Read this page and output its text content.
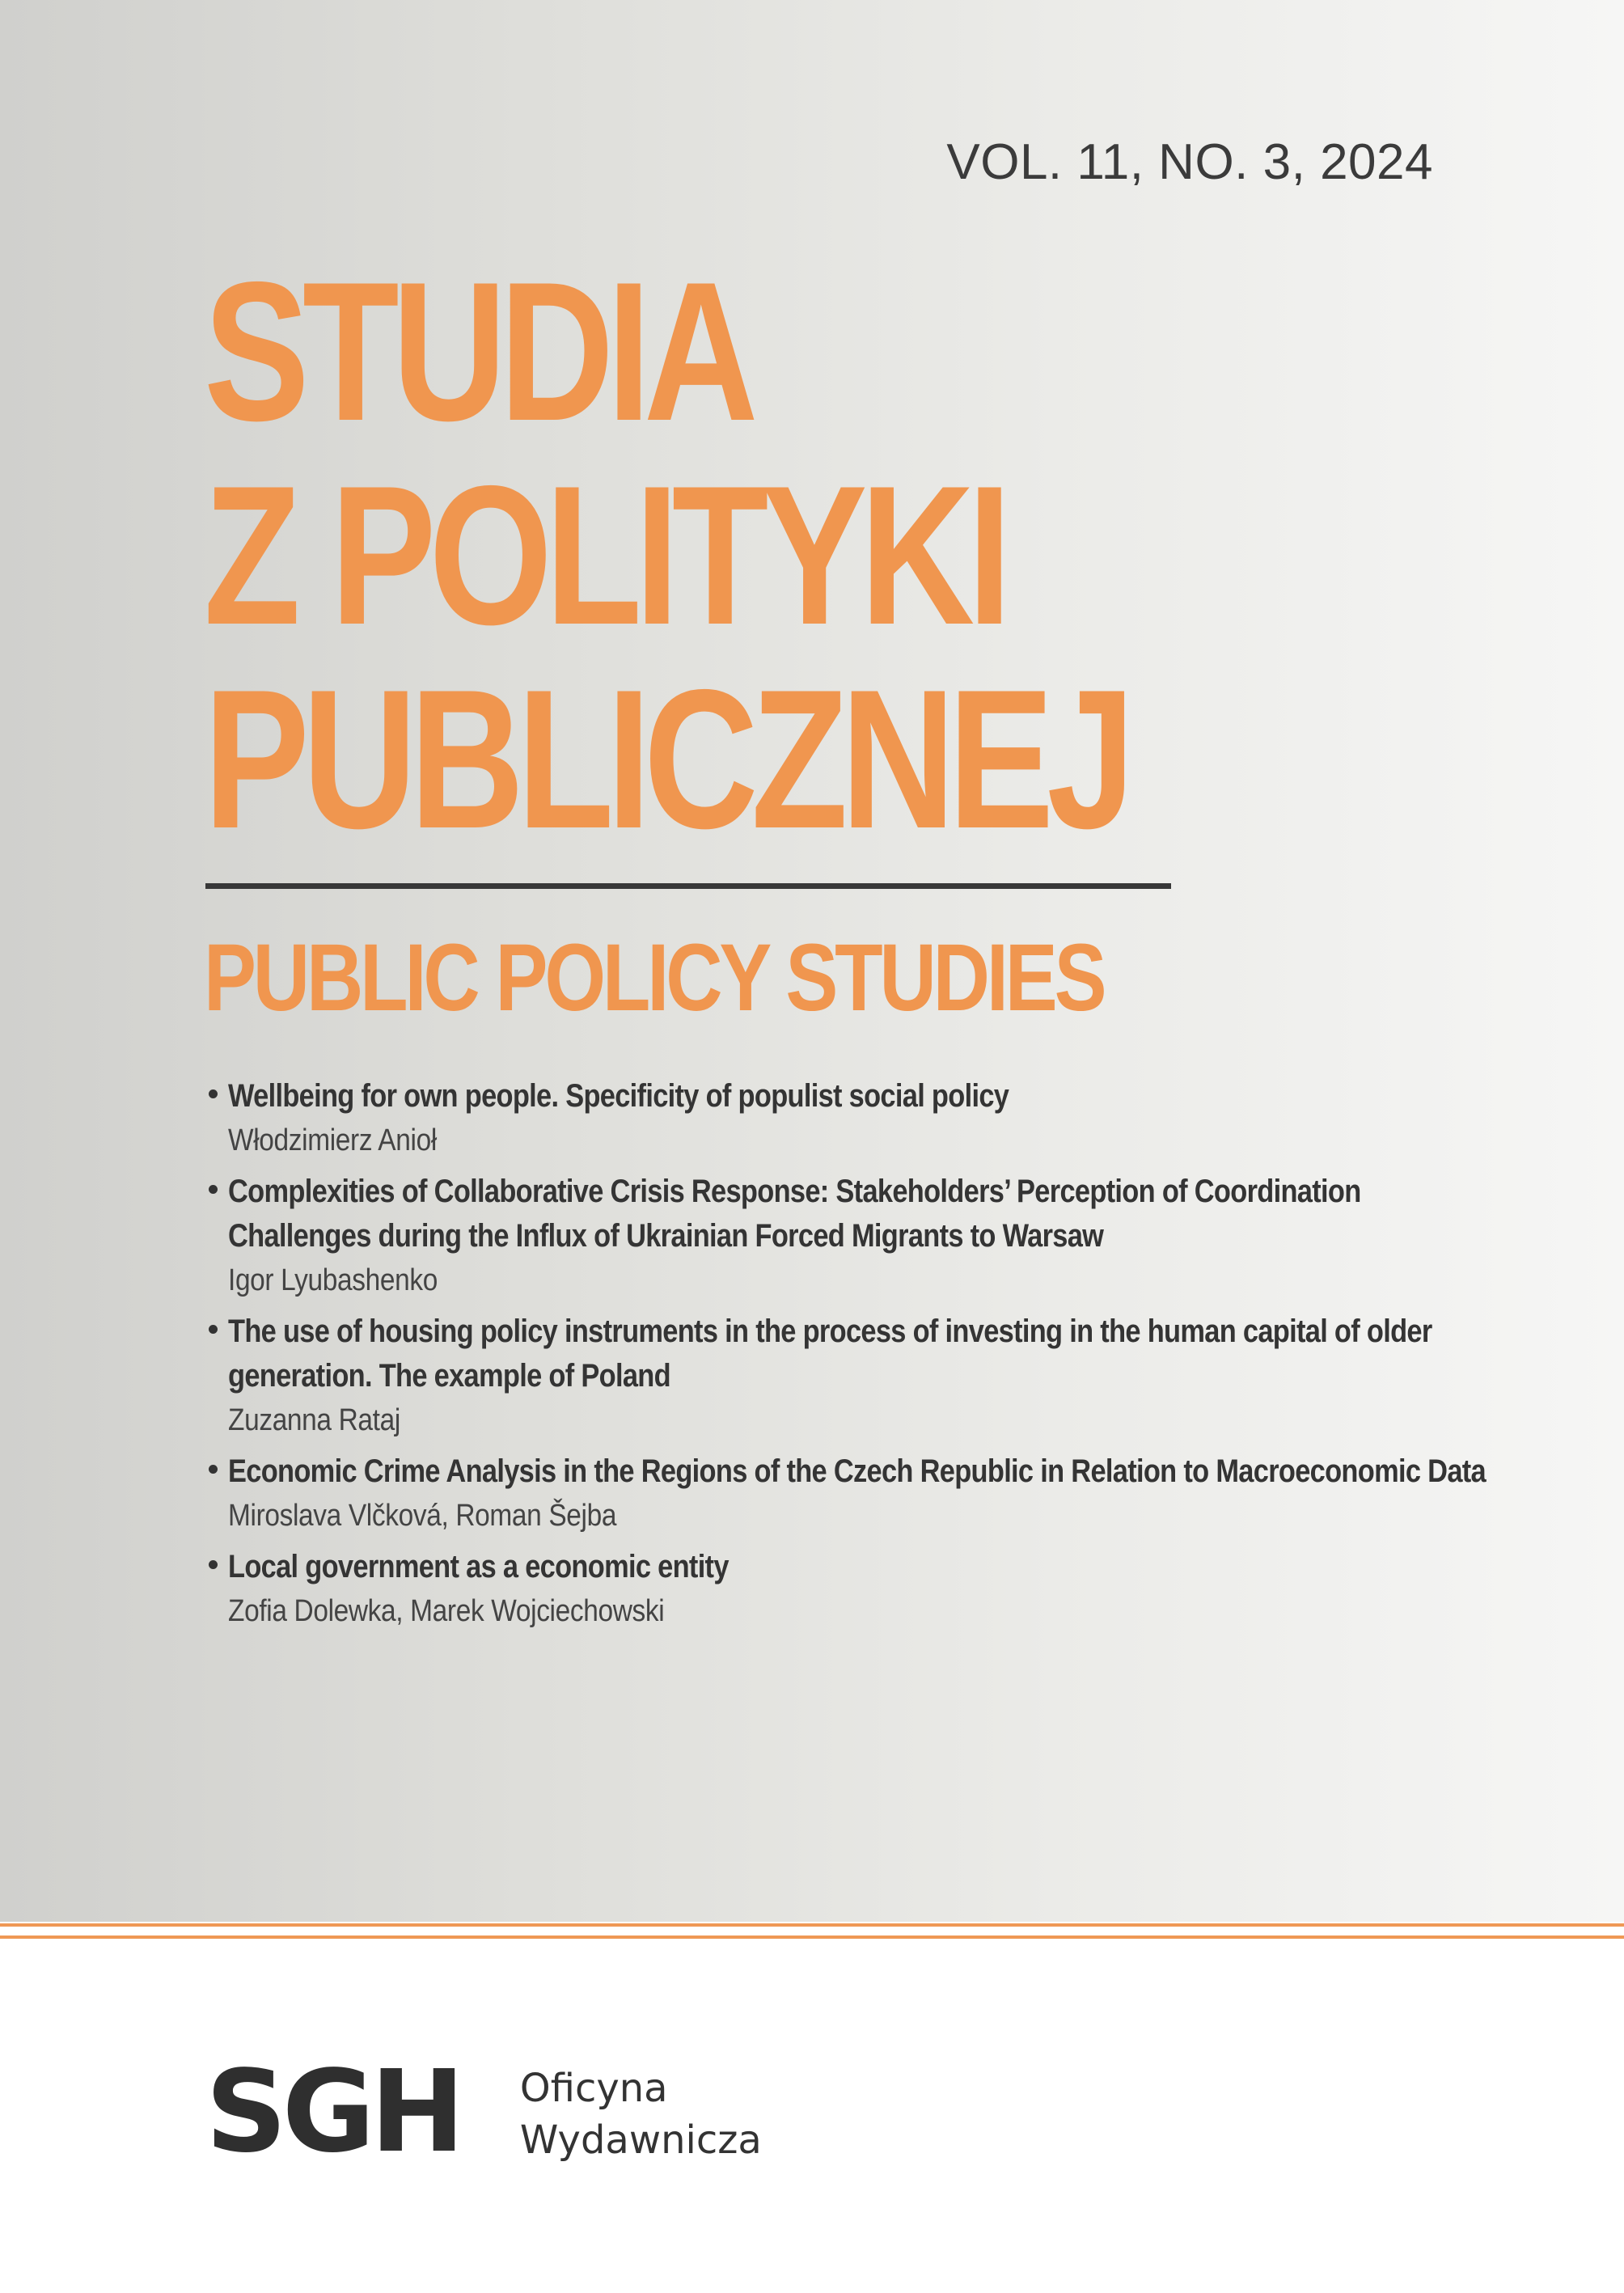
VOL. 11, NO. 3, 2024

STUDIA
Z POLITYKI
PUBLICZNEJ

PUBLIC POLICY STUDIES

Wellbeing for own people. Specificity of populist social policy
Włodzimierz Anioł
Complexities of Collaborative Crisis Response: Stakeholders’ Perception of Coordination
Challenges during the Influx of Ukrainian Forced Migrants to Warsaw
Igor Lyubashenko
The use of housing policy instruments in the process of investing in the human capital of older
generation. The example of Poland
Zuzanna Rataj
Economic Crime Analysis in the Regions of the Czech Republic in Relation to Macroeconomic Data
Miroslava Vlčková, Roman Šejba
Local government as a economic entity
Zofia Dolewka, Marek Wojciechowski
SGH Oficyna
Wydawnicza
